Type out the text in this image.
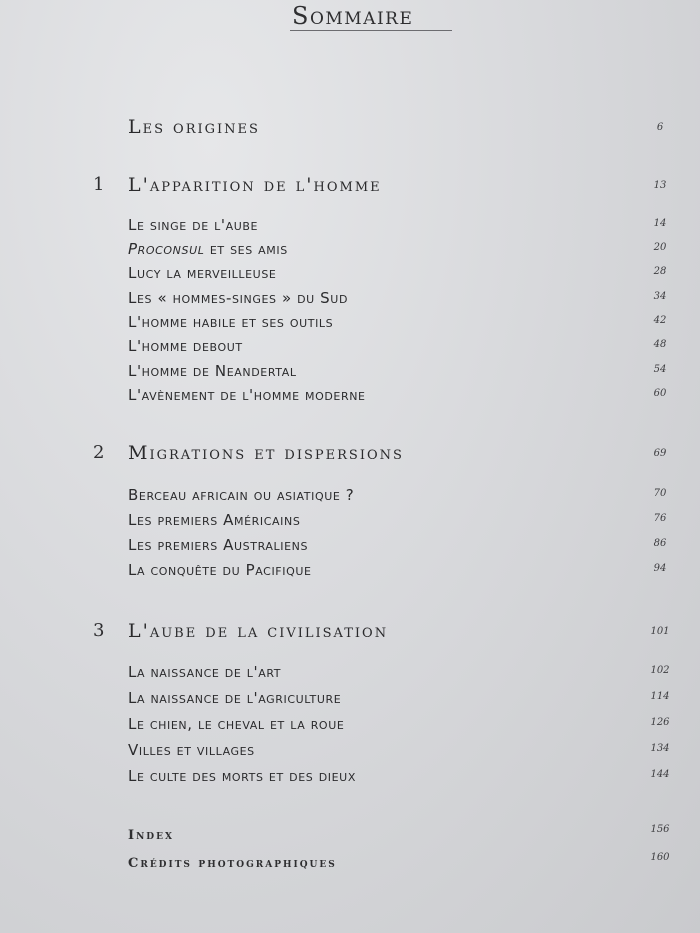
Sommaire
Les origines	6
1 L'apparition de l'homme	13
Le singe de l'aube	14
Proconsul et ses amis	20
Lucy la merveilleuse	28
Les « hommes-singes » du Sud	34
L'homme habile et ses outils	42
L'homme debout	48
L'homme de Neandertal	54
L'avènement de l'homme moderne	60
2 Migrations et dispersions	69
Berceau africain ou asiatique ?	70
Les premiers Américains	76
Les premiers Australiens	86
La conquête du Pacifique	94
3 L'aube de la civilisation	101
La naissance de l'art	102
La naissance de l'agriculture	114
Le chien, le cheval et la roue	126
Villes et villages	134
Le culte des morts et des dieux	144
Index	156
Crédits photographiques	160
